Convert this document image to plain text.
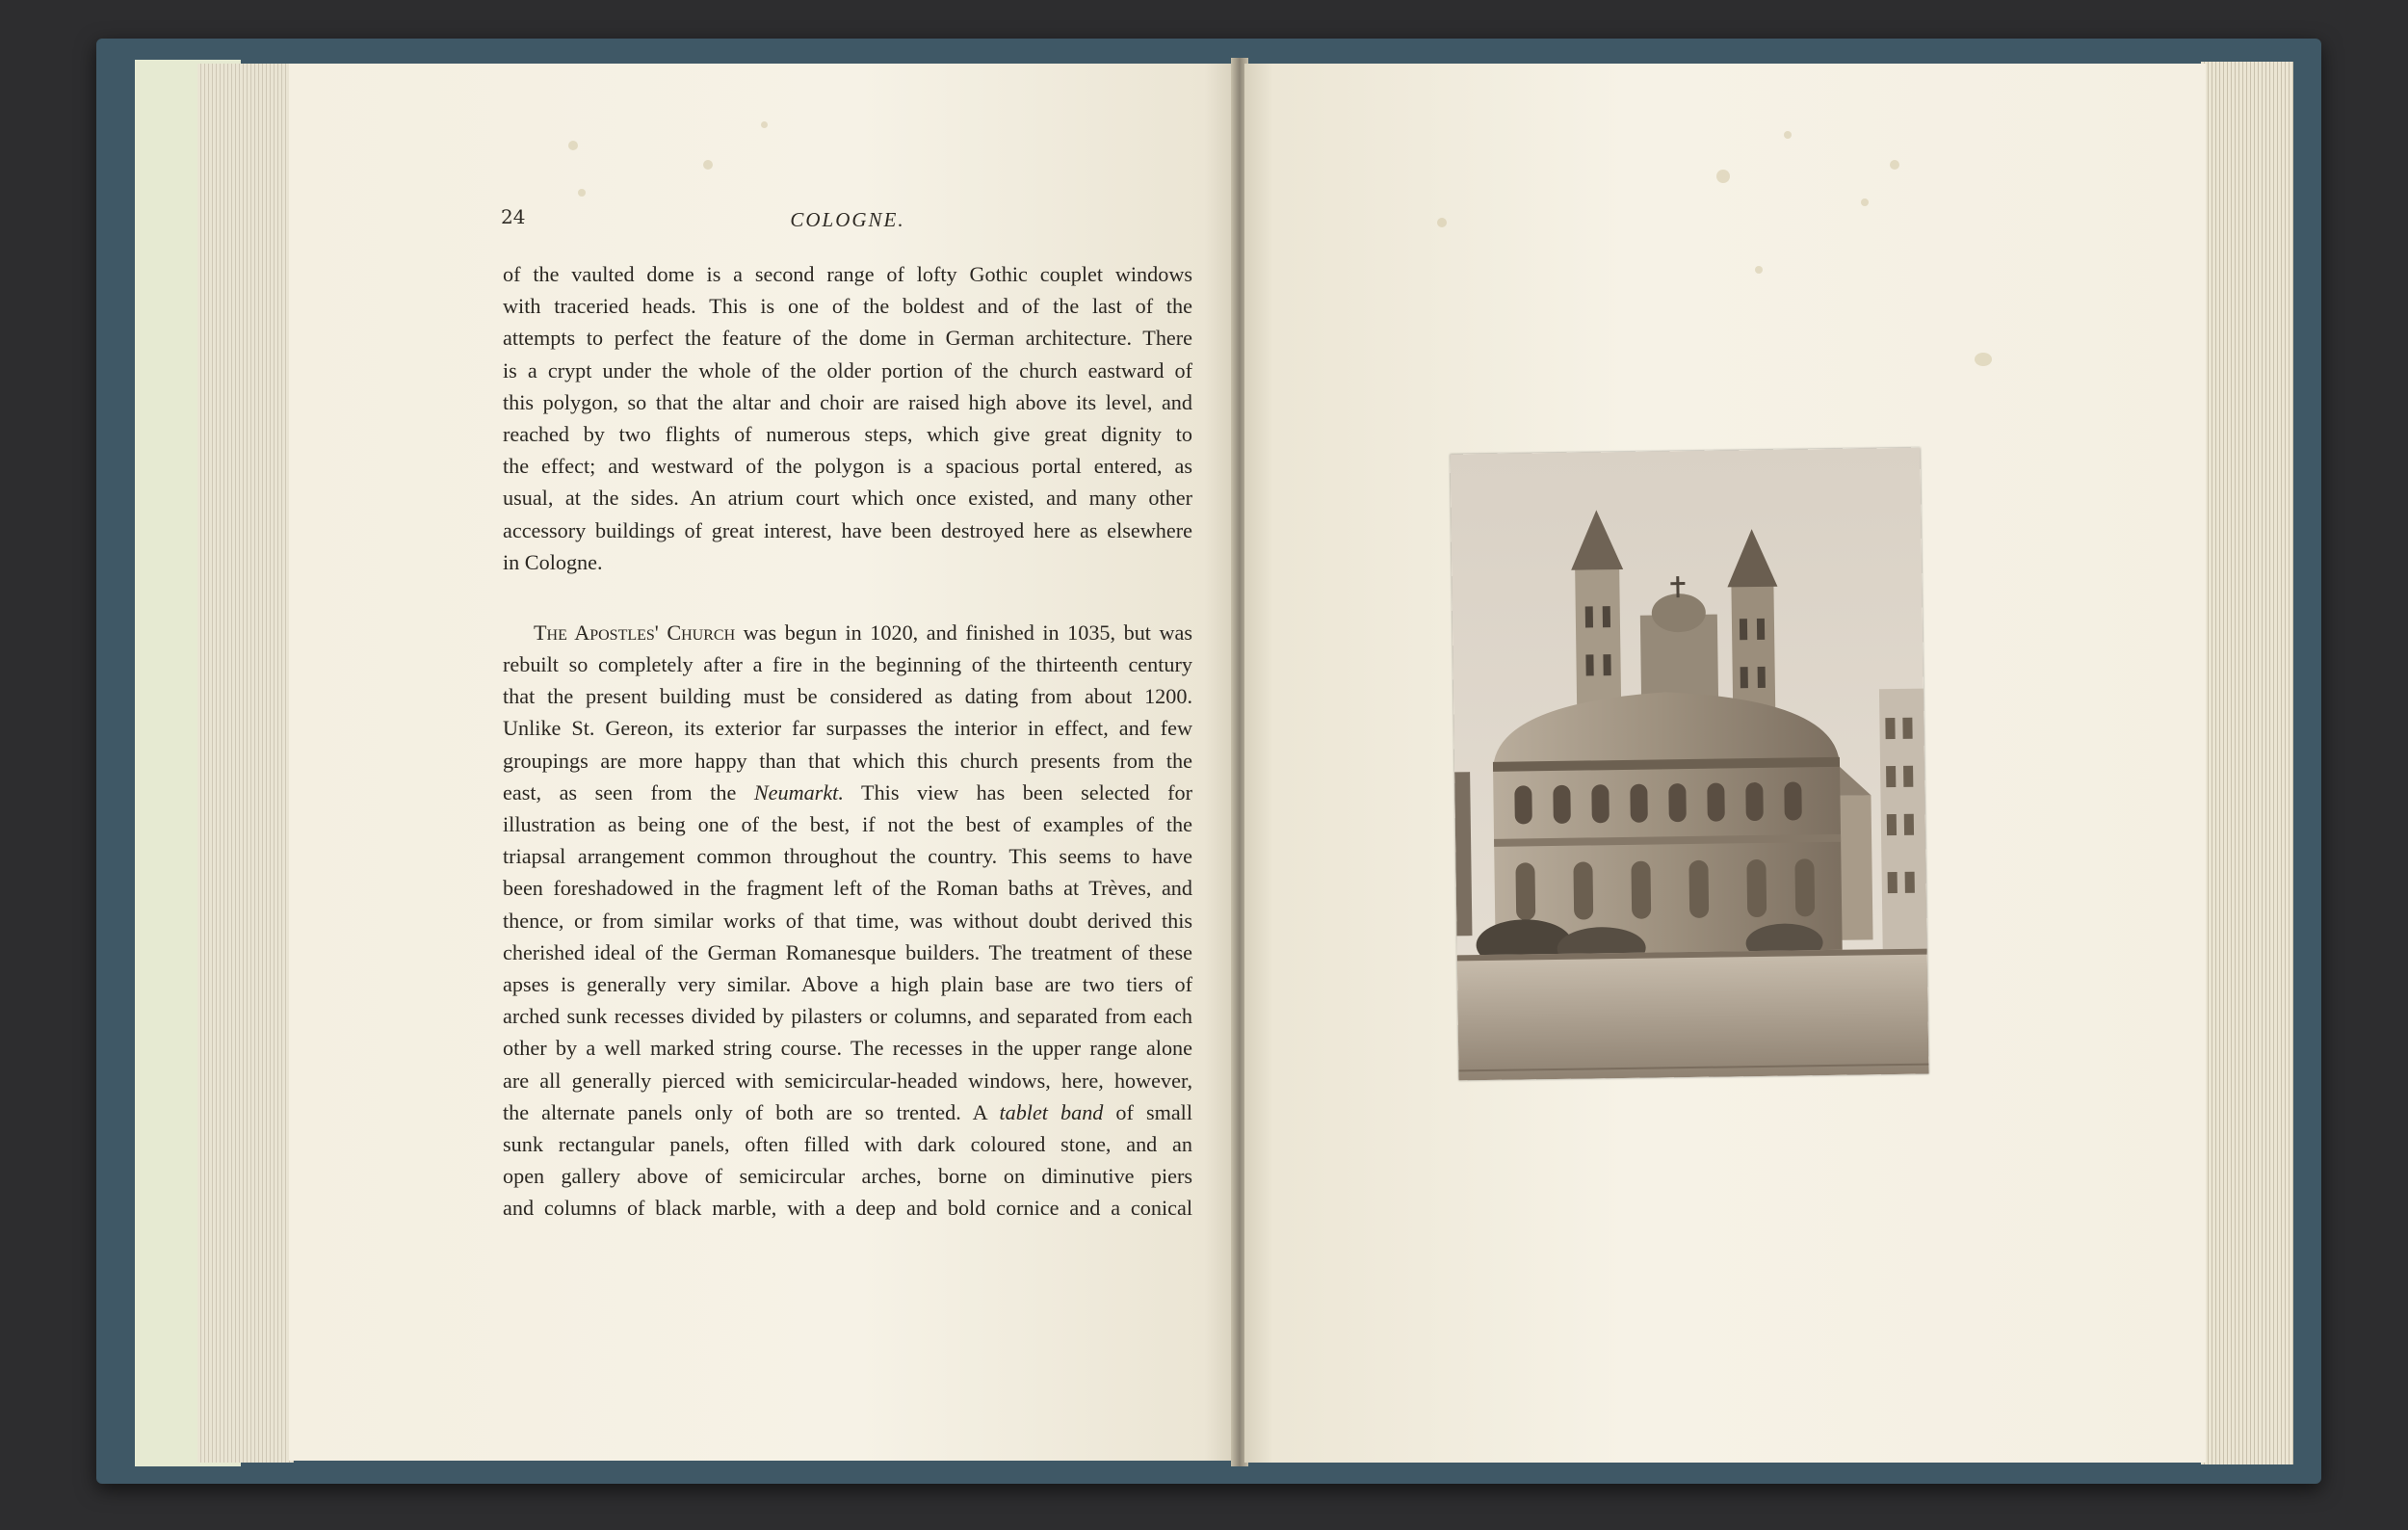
24	COLOGNE.
of the vaulted dome is a second range of lofty Gothic couplet windows
with traceried heads. This is one of the boldest and of the last of the
attempts to perfect the feature of the dome in German architecture. There
is a crypt under the whole of the older portion of the church eastward of
this polygon, so that the altar and choir are raised high above its level, and
reached by two flights of numerous steps, which give great dignity to
the effect; and westward of the polygon is a spacious portal entered, as
usual, at the sides. An atrium court which once existed, and many other
accessory buildings of great interest, have been destroyed here as elsewhere
in Cologne.
The Apostles' Church was begun in 1020, and finished in 1035, but was
rebuilt so completely after a fire in the beginning of the thirteenth century
that the present building must be considered as dating from about 1200.
Unlike St. Gereon, its exterior far surpasses the interior in effect, and few
groupings are more happy than that which this church presents from the
east, as seen from the Neumarkt. This view has been selected for
illustration as being one of the best, if not the best of examples of the
triapsal arrangement common throughout the country. This seems to have
been foreshadowed in the fragment left of the Roman baths at Trèves, and
thence, or from similar works of that time, was without doubt derived this
cherished ideal of the German Romanesque builders. The treatment of these
apses is generally very similar. Above a high plain base are two tiers of
arched sunk recesses divided by pilasters or columns, and separated from each
other by a well marked string course. The recesses in the upper range alone
are all generally pierced with semicircular-headed windows, here, however,
the alternate panels only of both are so trented. A tablet band of small
sunk rectangular panels, often filled with dark coloured stone, and an
open gallery above of semicircular arches, borne on diminutive piers
and columns of black marble, with a deep and bold cornice and a conical
